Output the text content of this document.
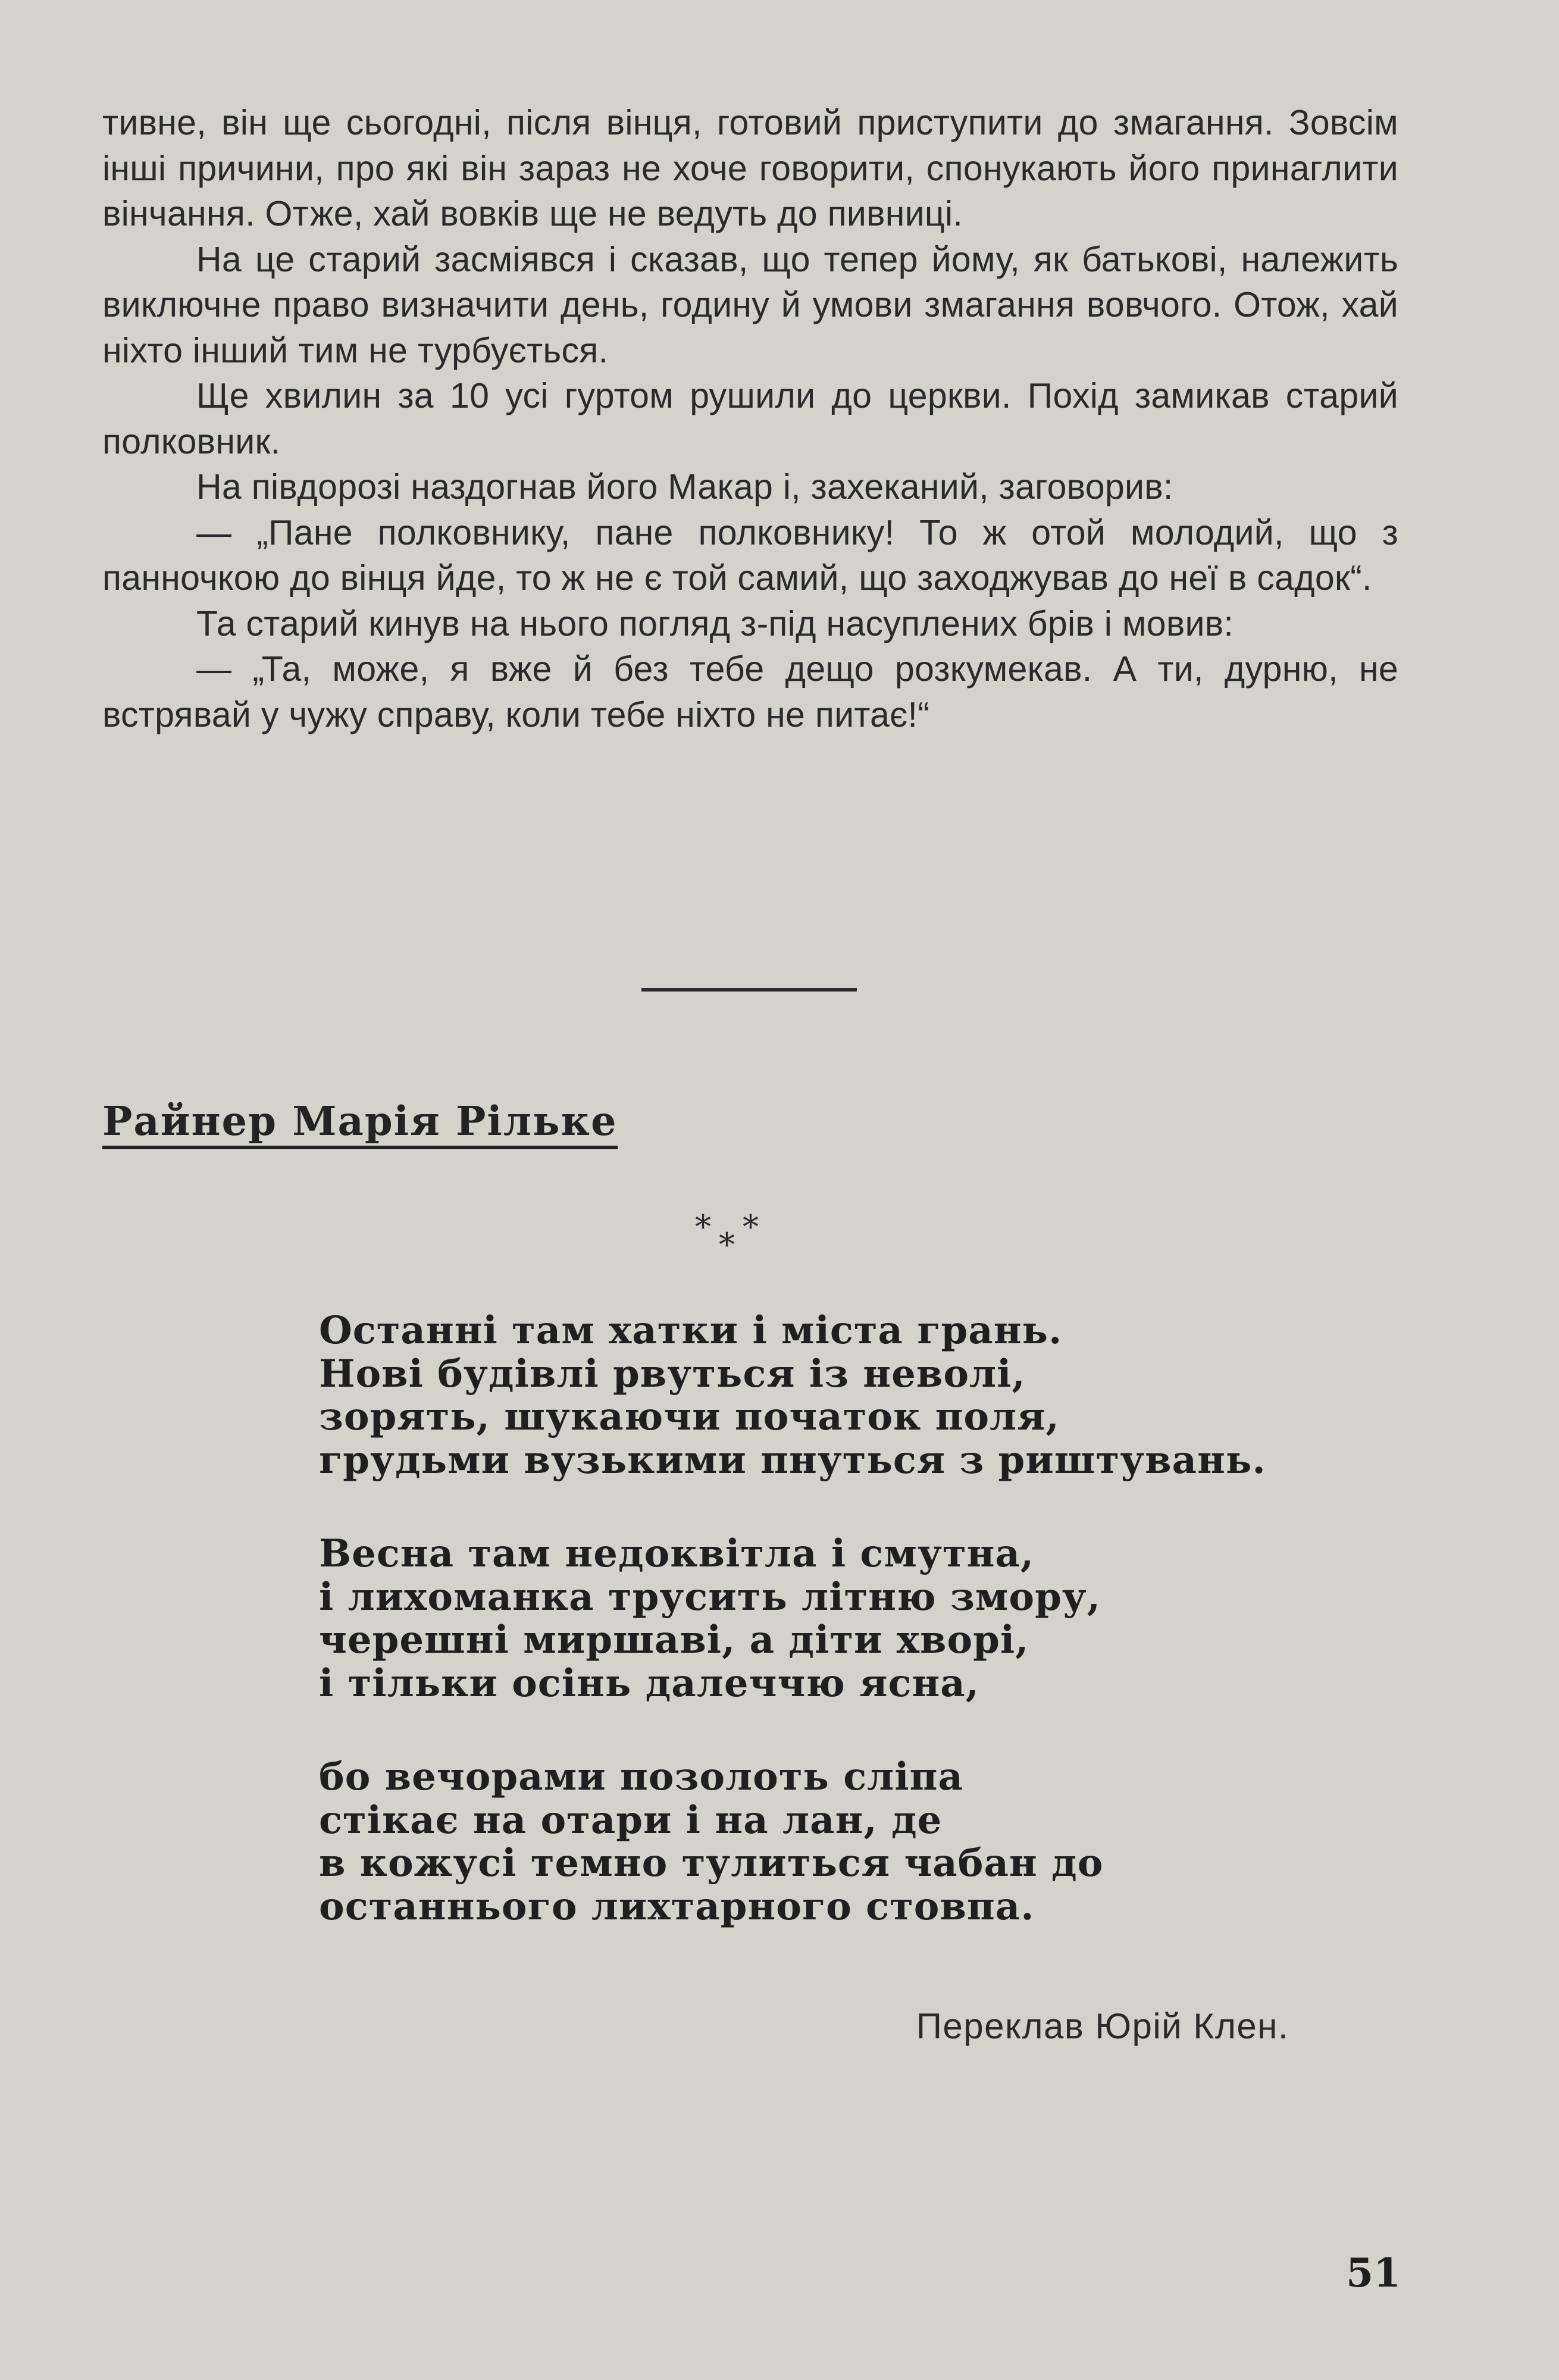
тивне, він ще сьогодні, після вінця, готовий приступити до змагання. Зовсім інші причини, про які він зараз не хоче говорити, спонукають його принаглити вінчання. Отже, хай вовків ще не ведуть до пивниці.

На це старий засміявся і сказав, що тепер йому, як батькові, належить виключне право визначити день, годину й умови змагання вовчого. Отож, хай ніхто інший тим не турбується.

Ще хвилин за 10 усі гуртом рушили до церкви. Похід замикав старий полковник.

На півдорозі наздогнав його Макар і, захеканий, заговорив:

— „Пане полковнику, пане полковнику! То ж отой молодий, що з панночкою до вінця йде, то ж не є той самий, що заходжував до неї в садок“.

Та старий кинув на нього погляд з-під насуплених брів і мовив:

— „Та, може, я вже й без тебе дещо розкумекав. А ти, дурню, не встрявай у чужу справу, коли тебе ніхто не питає!“

Райнер Марія Рільке
* *
*
Останні там хатки і міста грань.
Нові будівлі рвуться із неволі,
зорять, шукаючи початок поля,
грудьми вузькими пнуться з риштувань.
Весна там недоквітла і смутна,
і лихоманка трусить літню змору,
черешні миршаві, а діти хворі,
і тільки осінь далеччю ясна,
бо вечорами позолоть сліпа
стікає на отари і на лан, де
в кожусі темно тулиться чабан до
останнього лихтарного стовпа.
Переклав Юрій Клен.
51
